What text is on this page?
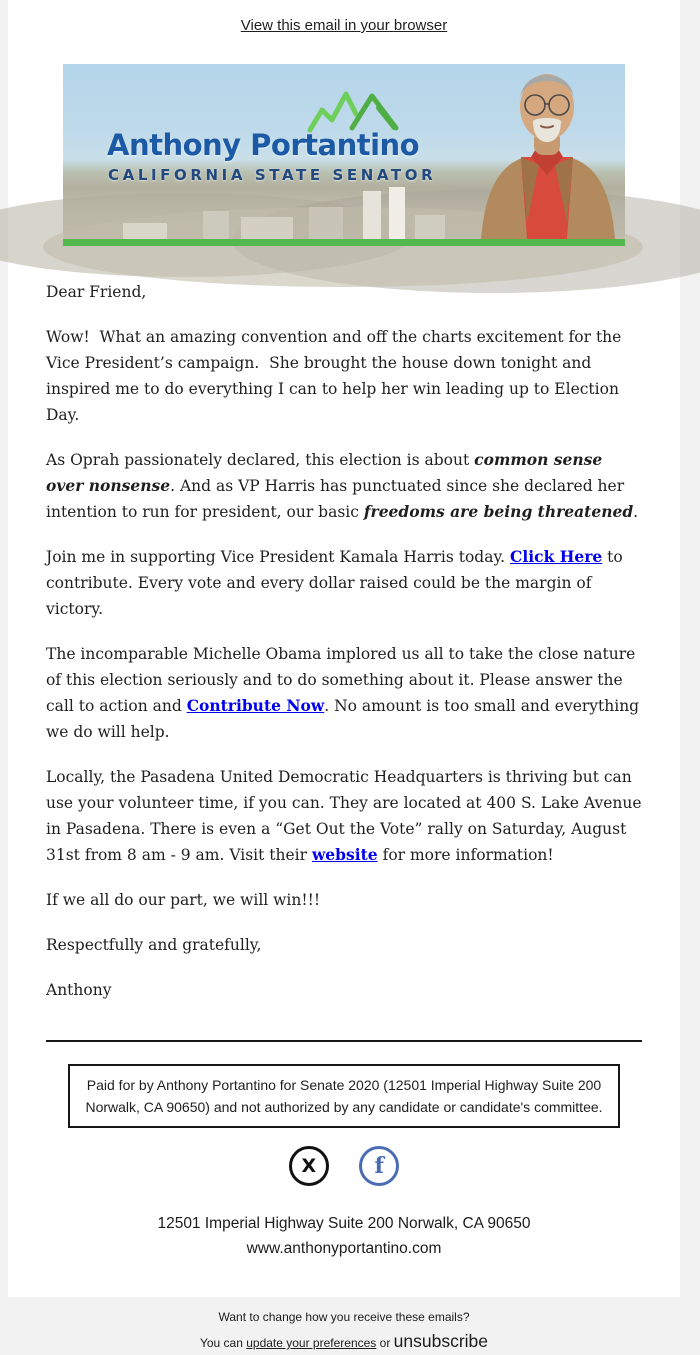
View this email in your browser
Anthony Portantino
CALIFORNIA STATE SENATOR

Dear Friend,

Wow!  What an amazing convention and off the charts excitement for the Vice President’s campaign.  She brought the house down tonight and inspired me to do everything I can to help her win leading up to Election Day.

As Oprah passionately declared, this election is about common sense over nonsense. And as VP Harris has punctuated since she declared her intention to run for president, our basic freedoms are being threatened.

Join me in supporting Vice President Kamala Harris today. Click Here to contribute. Every vote and every dollar raised could be the margin of victory.

The incomparable Michelle Obama implored us all to take the close nature of this election seriously and to do something about it. Please answer the call to action and Contribute Now. No amount is too small and everything we do will help.

Locally, the Pasadena United Democratic Headquarters is thriving but can use your volunteer time, if you can. They are located at 400 S. Lake Avenue in Pasadena. There is even a “Get Out the Vote” rally on Saturday, August 31st from 8 am - 9 am. Visit their website for more information!

If we all do our part, we will win!!!

Respectfully and gratefully,

Anthony

Paid for by Anthony Portantino for Senate 2020 (12501 Imperial Highway Suite 200 Norwalk, CA 90650) and not authorized by any candidate or candidate's committee.
X	f
12501 Imperial Highway Suite 200 Norwalk, CA 90650
www.anthonyportantino.com
Want to change how you receive these emails?
You can update your preferences or unsubscribe
